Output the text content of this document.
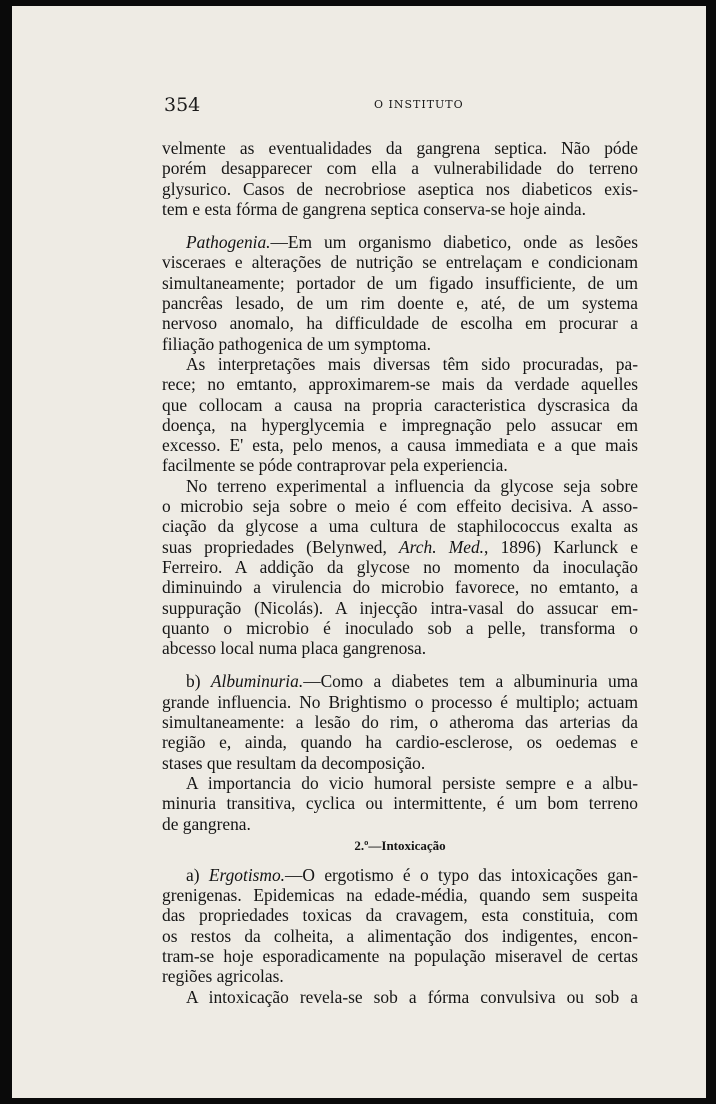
354	O INSTITUTO
velmente as eventualidades da gangrena septica. Não póde
porém desapparecer com ella a vulnerabilidade do terreno
glysurico. Casos de necrobriose aseptica nos diabeticos exis-
tem e esta fórma de gangrena septica conserva-se hoje ainda.
Pathogenia.—Em um organismo diabetico, onde as lesões
visceraes e alterações de nutrição se entrelaçam e condicionam
simultaneamente; portador de um figado insufficiente, de um
pancrêas lesado, de um rim doente e, até, de um systema
nervoso anomalo, ha difficuldade de escolha em procurar a
filiação pathogenica de um symptoma.
As interpretações mais diversas têm sido procuradas, pa-
rece; no emtanto, approximarem-se mais da verdade aquelles
que collocam a causa na propria caracteristica dyscrasica da
doença, na hyperglycemia e impregnação pelo assucar em
excesso. E' esta, pelo menos, a causa immediata e a que mais
facilmente se póde contraprovar pela experiencia.
No terreno experimental a influencia da glycose seja sobre
o microbio seja sobre o meio é com effeito decisiva. A asso-
ciação da glycose a uma cultura de staphilococcus exalta as
suas propriedades (Belynwed, Arch. Med., 1896) Karlunck e
Ferreiro. A addição da glycose no momento da inoculação
diminuindo a virulencia do microbio favorece, no emtanto, a
suppuração (Nicolás). A injecção intra-vasal do assucar em-
quanto o microbio é inoculado sob a pelle, transforma o
abcesso local numa placa gangrenosa.
b) Albuminuria.—Como a diabetes tem a albuminuria uma
grande influencia. No Brightismo o processo é multiplo; actuam
simultaneamente: a lesão do rim, o atheroma das arterias da
região e, ainda, quando ha cardio-esclerose, os oedemas e
stases que resultam da decomposição.
A importancia do vicio humoral persiste sempre e a albu-
minuria transitiva, cyclica ou intermittente, é um bom terreno
de gangrena.
2.º—Intoxicação
a) Ergotismo.—O ergotismo é o typo das intoxicações gan-
grenigenas. Epidemicas na edade-média, quando sem suspeita
das propriedades toxicas da cravagem, esta constituia, com
os restos da colheita, a alimentação dos indigentes, encon-
tram-se hoje esporadicamente na população miseravel de certas
regiões agricolas.
A intoxicação revela-se sob a fórma convulsiva ou sob a
